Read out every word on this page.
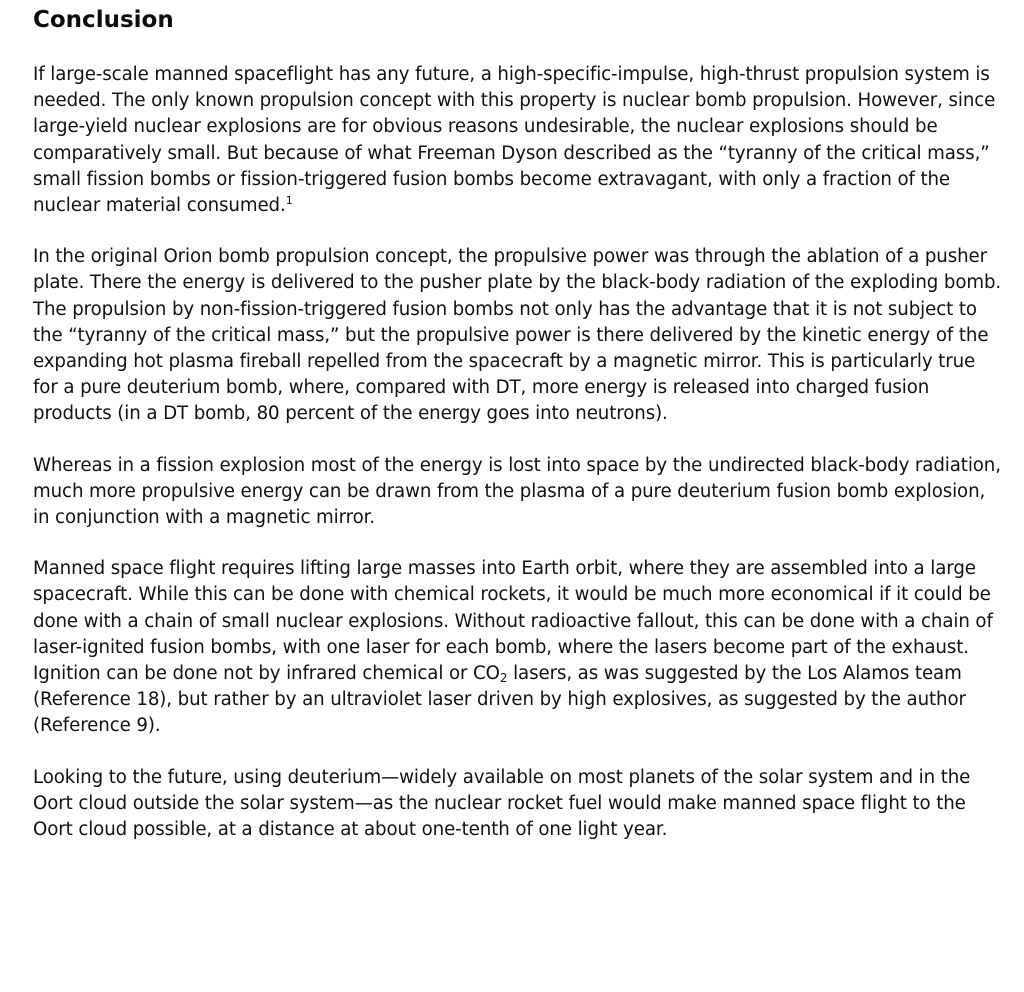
Conclusion

If large-scale manned spaceflight has any future, a high-specific-impulse, high-thrust propulsion system is needed. The only known propulsion concept with this property is nuclear bomb propulsion. However, since large-yield nuclear explosions are for obvious reasons undesirable, the nuclear explosions should be comparatively small. But because of what Freeman Dyson described as the “tyranny of the critical mass,” small fission bombs or fission-triggered fusion bombs become extravagant, with only a fraction of the nuclear material consumed.$^1$

In the original Orion bomb propulsion concept, the propulsive power was through the ablation of a pusher plate. There the energy is delivered to the pusher plate by the black-body radiation of the exploding bomb. The propulsion by non-fission-triggered fusion bombs not only has the advantage that it is not subject to the “tyranny of the critical mass,” but the propulsive power is there delivered by the kinetic energy of the expanding hot plasma fireball repelled from the spacecraft by a magnetic mirror. This is particularly true for a pure deuterium bomb, where, compared with DT, more energy is released into charged fusion products (in a DT bomb, 80 percent of the energy goes into neutrons).

Whereas in a fission explosion most of the energy is lost into space by the undirected black-body radiation, much more propulsive energy can be drawn from the plasma of a pure deuterium fusion bomb explosion, in conjunction with a magnetic mirror.

Manned space flight requires lifting large masses into Earth orbit, where they are assembled into a large spacecraft. While this can be done with chemical rockets, it would be much more economical if it could be done with a chain of small nuclear explosions. Without radioactive fallout, this can be done with a chain of laser-ignited fusion bombs, with one laser for each bomb, where the lasers become part of the exhaust. Ignition can be done not by infrared chemical or $CO_2$ lasers, as was suggested by the Los Alamos team (Reference 18), but rather by an ultraviolet laser driven by high explosives, as suggested by the author (Reference 9).

Looking to the future, using deuterium—widely available on most planets of the solar system and in the Oort cloud outside the solar system—as the nuclear rocket fuel would make manned space flight to the Oort cloud possible, at a distance at about one-tenth of one light year.
